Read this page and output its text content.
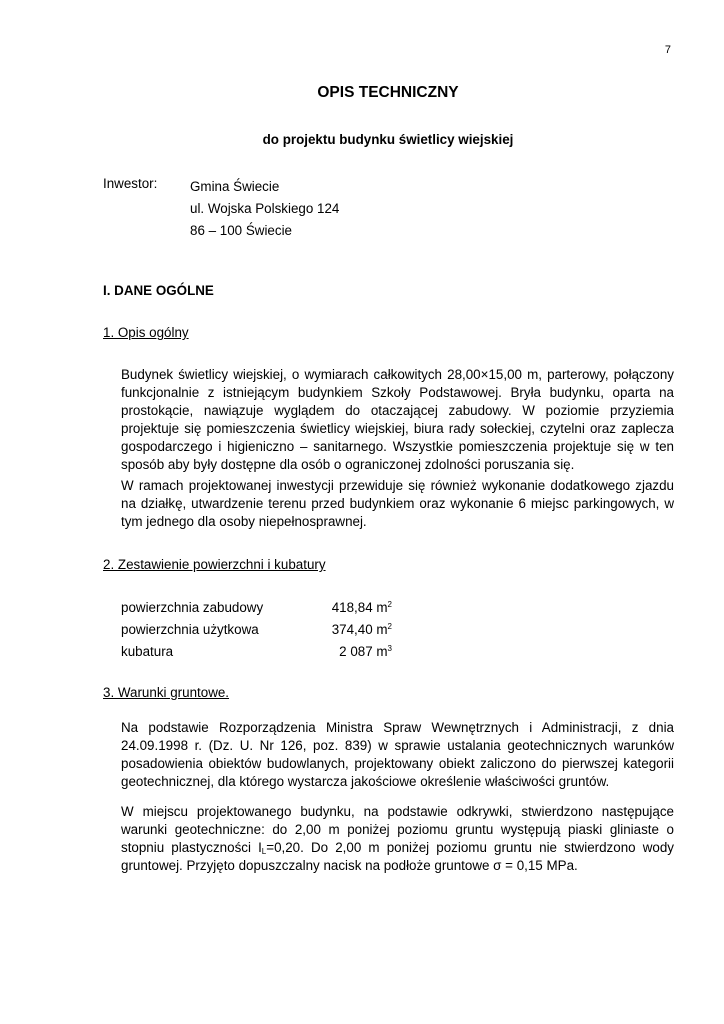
7
OPIS TECHNICZNY
do projektu budynku świetlicy wiejskiej
Inwestor: Gmina Świecie
ul. Wojska Polskiego 124
86 – 100 Świecie
I. DANE OGÓLNE
1. Opis ogólny

Budynek świetlicy wiejskiej, o wymiarach całkowitych 28,00×15,00 m, parterowy, połączony funkcjonalnie z istniejącym budynkiem Szkoły Podstawowej. Bryła budynku, oparta na prostokącie, nawiązuje wyglądem do otaczającej zabudowy. W poziomie przyziemia projektuje się pomieszczenia świetlicy wiejskiej, biura rady sołeckiej, czytelni oraz zaplecza gospodarczego i higieniczno – sanitarnego. Wszystkie pomieszczenia projektuje się w ten sposób aby były dostępne dla osób o ograniczonej zdolności poruszania się.

W ramach projektowanej inwestycji przewiduje się również wykonanie dodatkowego zjazdu na działkę, utwardzenie terenu przed budynkiem oraz wykonanie 6 miejsc parkingowych, w tym jednego dla osoby niepełnosprawnej.

2. Zestawienie powierzchni i kubatury
powierzchnia zabudowy	418,84 $m^2$
powierzchnia użytkowa	374,40 $m^2$
kubatura	2 087 $m^3$
3. Warunki gruntowe.

Na podstawie Rozporządzenia Ministra Spraw Wewnętrznych i Administracji, z dnia 24.09.1998 r. (Dz. U. Nr 126, poz. 839) w sprawie ustalania geotechnicznych warunków posadowienia obiektów budowlanych, projektowany obiekt zaliczono do pierwszej kategorii geotechnicznej, dla którego wystarcza jakościowe określenie właściwości gruntów.

W miejscu projektowanego budynku, na podstawie odkrywki, stwierdzono następujące warunki geotechniczne: do 2,00 m poniżej poziomu gruntu występują piaski gliniaste o stopniu plastyczności $I_L=0,20$. Do 2,00 m poniżej poziomu gruntu nie stwierdzono wody gruntowej. Przyjęto dopuszczalny nacisk na podłoże gruntowe σ = 0,15 MPa.
